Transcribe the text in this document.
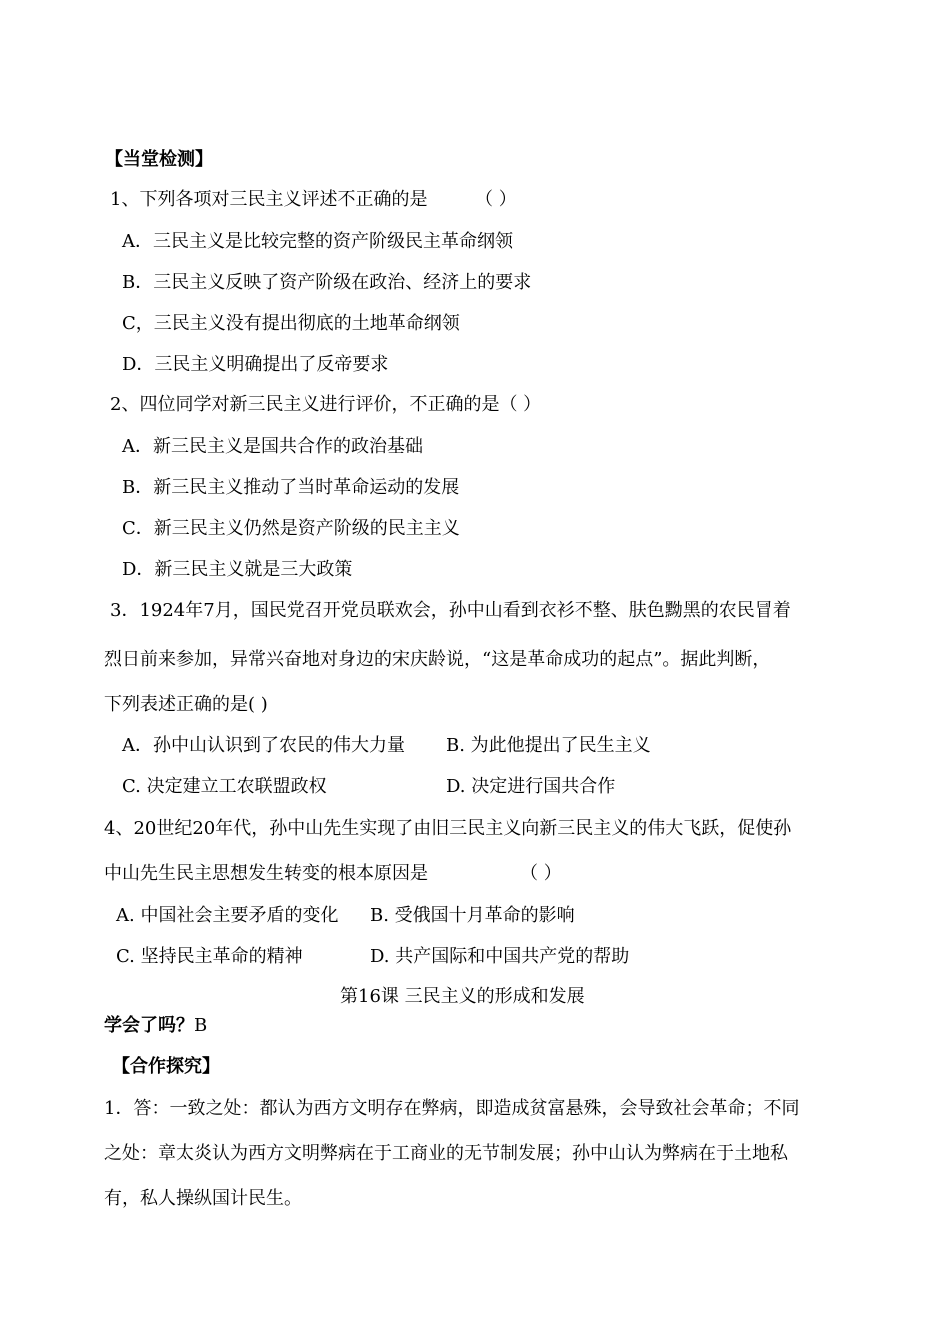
【当堂检测】
1、下列各项对三民主义评述不正确的是	（ ）
A．三民主义是比较完整的资产阶级民主革命纲领
B．三民主义反映了资产阶级在政治、经济上的要求
C，三民主义没有提出彻底的土地革命纲领
D．三民主义明确提出了反帝要求
2、四位同学对新三民主义进行评价，不正确的是（ ）
A．新三民主义是国共合作的政治基础
B．新三民主义推动了当时革命运动的发展
C．新三民主义仍然是资产阶级的民主主义
D．新三民主义就是三大政策
3．1924年7月，国民党召开党员联欢会，孙中山看到衣衫不整、肤色黝黑的农民冒着
烈日前来参加，异常兴奋地对身边的宋庆龄说，“这是革命成功的起点”。据此判断，
下列表述正确的是( )
A．孙中山认识到了农民的伟大力量 B. 为此他提出了民生主义
C. 决定建立工农联盟政权	D. 决定进行国共合作
4、20世纪20年代，孙中山先生实现了由旧三民主义向新三民主义的伟大飞跃，促使孙
中山先生民主思想发生转变的根本原因是	（ ）
A. 中国社会主要矛盾的变化 B. 受俄国十月革命的影响
C. 坚持民主革命的精神	D. 共产国际和中国共产党的帮助
第16课 三民主义的形成和发展
学会了吗？B
【合作探究】
1．答：一致之处：都认为西方文明存在弊病，即造成贫富悬殊，会导致社会革命；不同
之处：章太炎认为西方文明弊病在于工商业的无节制发展；孙中山认为弊病在于土地私
有，私人操纵国计民生。
